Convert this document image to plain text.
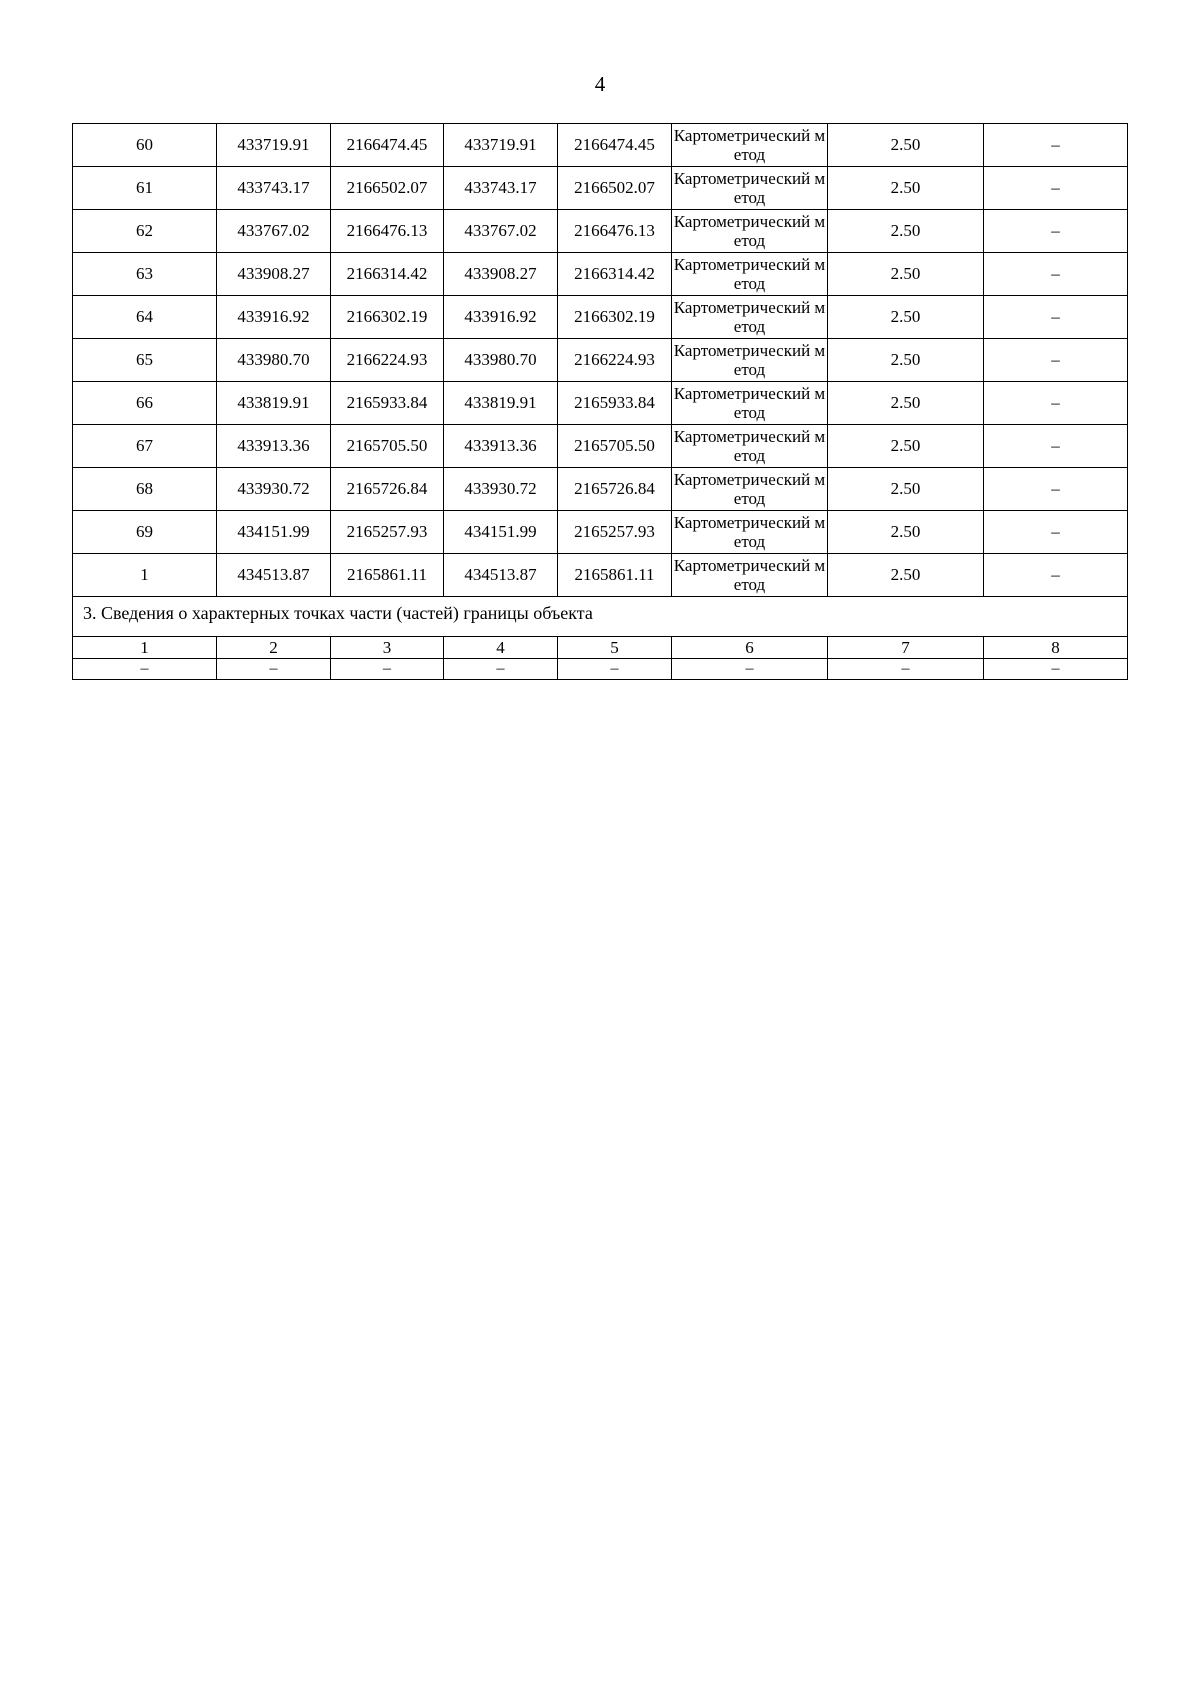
4
60	433719.91	2166474.45	433719.91	2166474.45	Картометрический метод	2.50	–
61	433743.17	2166502.07	433743.17	2166502.07	Картометрический метод	2.50	–
62	433767.02	2166476.13	433767.02	2166476.13	Картометрический метод	2.50	–
63	433908.27	2166314.42	433908.27	2166314.42	Картометрический метод	2.50	–
64	433916.92	2166302.19	433916.92	2166302.19	Картометрический метод	2.50	–
65	433980.70	2166224.93	433980.70	2166224.93	Картометрический метод	2.50	–
66	433819.91	2165933.84	433819.91	2165933.84	Картометрический метод	2.50	–
67	433913.36	2165705.50	433913.36	2165705.50	Картометрический метод	2.50	–
68	433930.72	2165726.84	433930.72	2165726.84	Картометрический метод	2.50	–
69	434151.99	2165257.93	434151.99	2165257.93	Картометрический метод	2.50	–
1	434513.87	2165861.11	434513.87	2165861.11	Картометрический метод	2.50	–
3. Сведения о характерных точках части (частей) границы объекта							
1	2	3	4	5	6	7	8
–	–	–	–	–	–	–	–
